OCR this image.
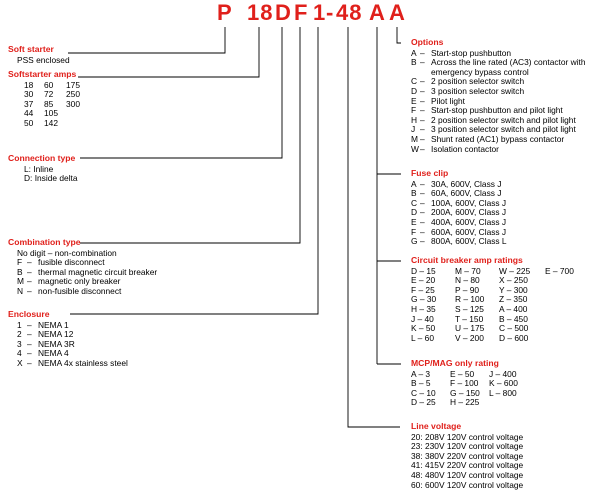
P 18 D F 1 - 48 A A
Soft starter
PSS enclosed
Softstarter amps
18	60	175
30	72	250
37	85	300
44	105
50	142
Connection type
L: Inline
D: Inside delta
Combination type
No digit
–
non-combination
F – fusible disconnect
B – thermal magnetic circuit breaker
M – magnetic only breaker
N – non-fusible disconnect
Enclosure
1 – NEMA 1
2 – NEMA 12
3 – NEMA 3R
4 – NEMA 4
X – NEMA 4x stainless steel
Options
A – Start-stop pushbutton
B – Across the line rated (AC3) contactor with
emergency bypass control
C – 2 position selector switch
D – 3 position selector switch
E – Pilot light
F – Start-stop pushbutton and pilot light
H – 2 position selector switch and pilot light
J – 3 position selector switch and pilot light
M – Shunt rated (AC1) bypass contactor
W – Isolation contactor
Fuse clip
A – 30A, 600V, Class J
B – 60A, 600V, Class J
C – 100A, 600V, Class J
D – 200A, 600V, Class J
E – 400A, 600V, Class J
F – 600A, 600V, Class J
G – 800A, 600V, Class L
Circuit breaker amp ratings
D – 15	M – 70	W – 225	E – 700
E – 20	N – 80	X – 250
F – 25	P – 90	Y – 300
G – 30	R – 100	Z – 350
H – 35	S – 125	A – 400
J – 40	T – 150	B – 450
K – 50	U – 175	C – 500
L – 60	V – 200	D – 600
MCP/MAG only rating
A – 3	E – 50	J – 400
B – 5	F – 100	K – 600
C – 10	G – 150	L – 800
D – 25	H – 225
Line voltage
20: 208V 120V control voltage
23: 230V 120V control voltage
38: 380V 220V control voltage
41: 415V 220V control voltage
48: 480V 120V control voltage
60: 600V 120V control voltage
